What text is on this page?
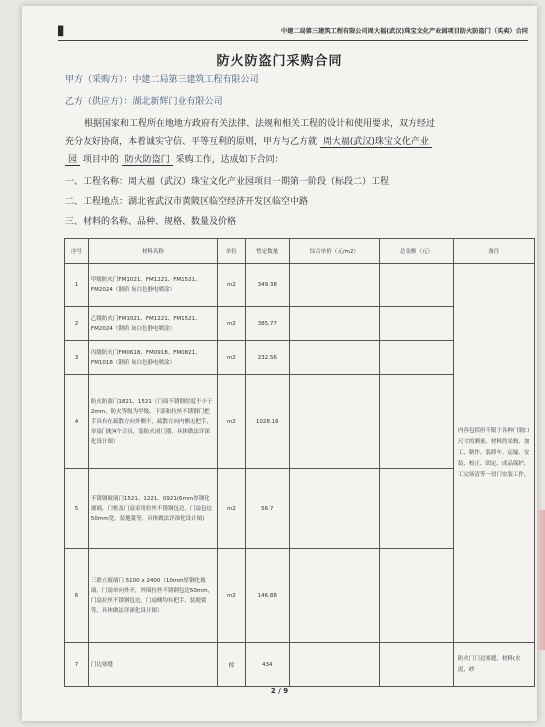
▊	中建二局第三建筑工程有限公司周大福(武汉)珠宝文化产业园项目防火防盗门（买卖）合同
防火防盗门采购合同
甲方（采购方）：中建二局第三建筑工程有限公司
乙方（供应方）：湖北新辉门业有限公司
根据国家和工程所在地地方政府有关法律、法规和相关工程的设计和使用要求，双方经过
充分友好协商，本着诚实守信、平等互利的原则，甲方与乙方就 周大福(武汉)珠宝文化产业
园 项目中的 防火防盗门 采购工作，达成如下合同：
一、工程名称：周大福（武汉）珠宝文化产业园项目一期第一阶段（标段二）工程
二、工程地点：湖北省武汉市黄陂区临空经济开发区临空中路
三、材料的名称、品种、规格、数量及价格
序号	材料名称	单位	暂定数量	综合单价（元/m2）	总金额（元）	备注
1	甲级防火门FM1021、FM1221、FM1521、FM2024（钢质 灰白色静电喷涂）	m2	349.38			内容包括但不限于各种门制口尺寸的测量、材料的采购、加工、制作、装卸车、运输、安装、校正、固定、成品保护，工完场清等一切门安装工作。
2	乙级防火门FM1021、FM1221、FM1521、FM2024（钢质 灰白色静电喷涂）	m2	385.77			
3	丙级防火门FM0618、FM0918、FM0821、FM1018（钢质 灰白色静电喷涂）	m2	232.56			
4	防火防盗门1821、1521（门面不锈钢厚度不小于2mm，防火等级为甲级，下部和拉丝不锈钢门把手具有在疏散方向外侧不，疏散方向内侧无把手，单扇门配4个合页，装防火闭门器，具体做法详深化设计图）	m2	1028.16			
5	不锈钢玻璃门1521、1221、0921(6mm厚钢化玻璃，门框及门扇采用拉丝不锈钢包边，门扇包边50mm宽，装地簧等，具体做法详深化设计图)	m2	56.7			
6	三联立玻璃门 5100 x 2400（10mm厚钢化玻璃，门扇单向外开，外围拉丝不锈钢包边50mm，门扇拉丝不锈钢包边，门扇侧均有把手，装地簧等，具体做法详深化设计图）	m2	146.88			
7	门边塞缝	樘	434			防火门门边塞缝，材料(水泥、砂
2 / 9
